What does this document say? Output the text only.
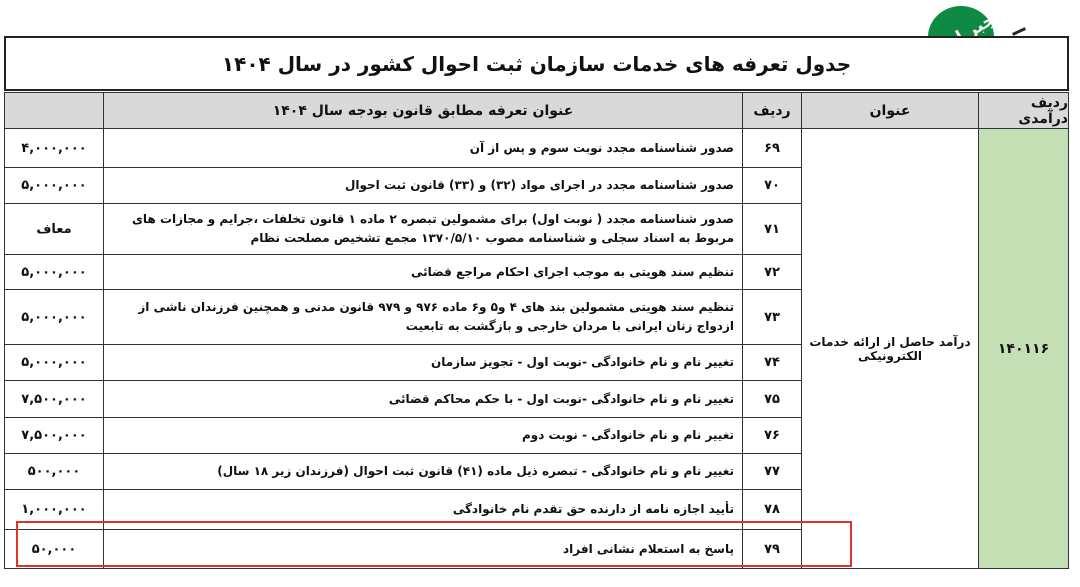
جدول تعرفه های خدمات سازمان ثبت احوال کشور در سال ۱۴۰۴
ردیف درآمدی
عنوان
ردیف
عنوان تعرفه مطابق قانون بودجه سال ۱۴۰۴
۱۴۰۱۱۶
درآمد حاصل از ارائه خدمات الکترونیکی
۶۹
صدور شناسنامه مجدد نوبت سوم و پس از آن
۴,۰۰۰,۰۰۰
۷۰
صدور شناسنامه مجدد در اجرای مواد (۳۲) و (۳۳) قانون ثبت احوال
۵,۰۰۰,۰۰۰
۷۱
صدور شناسنامه مجدد ( نوبت اول) برای مشمولین تبصره ۲ ماده ۱ قانون تخلفات ،جرایم و مجازات های مربوط به اسناد سجلی و شناسنامه مصوب ۱۳۷۰/۵/۱۰ مجمع تشخیص مصلحت نظام
معاف
۷۲
تنظیم سند هویتی به موجب اجرای احکام مراجع قضائی
۵,۰۰۰,۰۰۰
۷۳
تنظیم سند هویتی مشمولین بند های ۴ و۵ و۶ ماده ۹۷۶ و ۹۷۹ قانون مدنی و همچنین فرزندان ناشی از ازدواج زنان ایرانی با مردان خارجی و بازگشت به تابعیت
۵,۰۰۰,۰۰۰
۷۴
تغییر نام و نام خانوادگی -نوبت اول - تجویز سازمان
۵,۰۰۰,۰۰۰
۷۵
تغییر نام و نام خانوادگی -نوبت اول - با حکم محاکم قضائی
۷,۵۰۰,۰۰۰
۷۶
تغییر نام و نام خانوادگی - نوبت دوم
۷,۵۰۰,۰۰۰
۷۷
تغییر نام و نام خانوادگی - تبصره ذیل ماده (۴۱) قانون ثبت احوال (فرزندان زیر ۱۸ سال)
۵۰۰,۰۰۰
۷۸
تأیید اجازه نامه از دارنده حق تقدم نام خانوادگی
۱,۰۰۰,۰۰۰
۷۹
پاسخ به استعلام نشانی افراد
۵۰,۰۰۰
